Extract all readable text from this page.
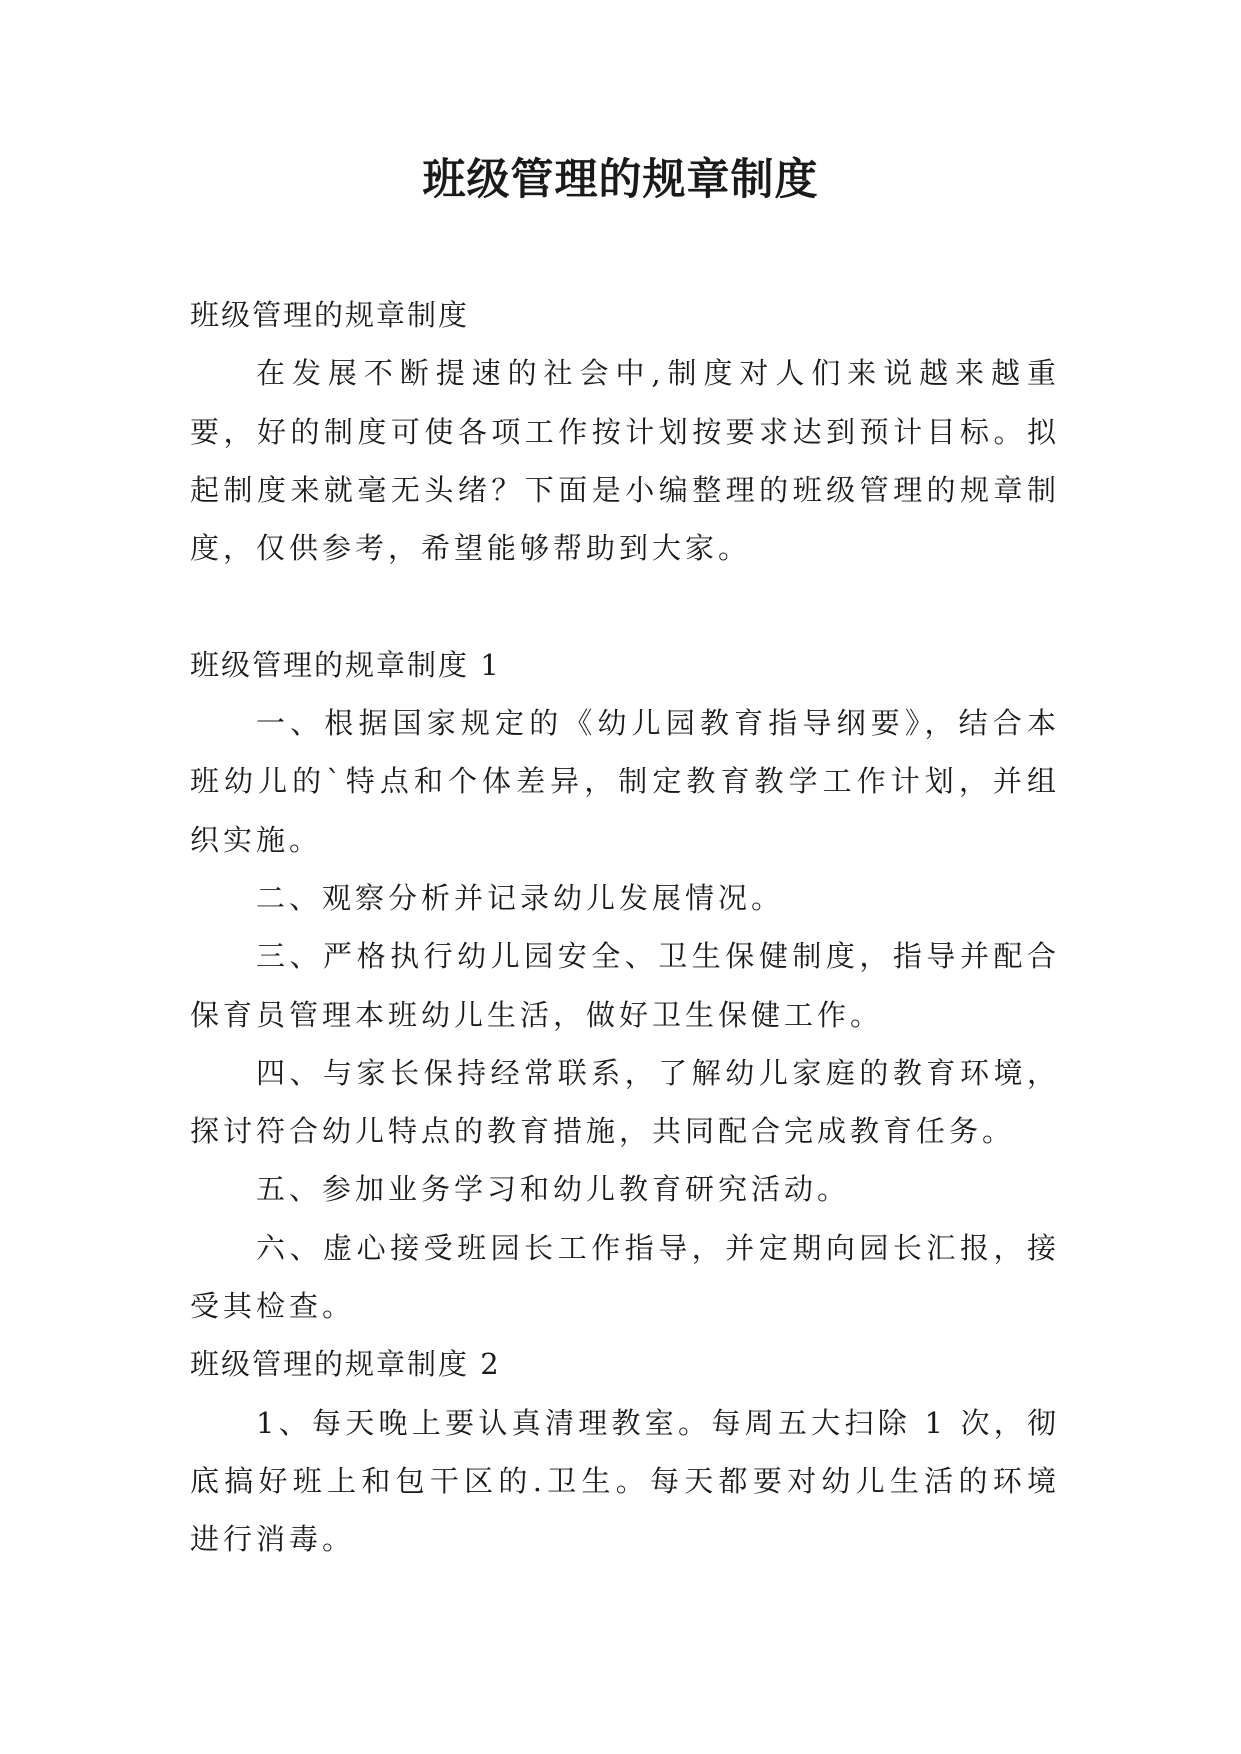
班级管理的规章制度

班级管理的规章制度

在发展不断提速的社会中,制度对人们来说越来越重要，好的制度可使各项工作按计划按要求达到预计目标。拟起制度来就毫无头绪？下面是小编整理的班级管理的规章制度，仅供参考，希望能够帮助到大家。

班级管理的规章制度 1

一、根据国家规定的《幼儿园教育指导纲要》，结合本班幼儿的`特点和个体差异，制定教育教学工作计划，并组织实施。

二、观察分析并记录幼儿发展情况。

三、严格执行幼儿园安全、卫生保健制度，指导并配合保育员管理本班幼儿生活，做好卫生保健工作。

四、与家长保持经常联系，了解幼儿家庭的教育环境，探讨符合幼儿特点的教育措施，共同配合完成教育任务。

五、参加业务学习和幼儿教育研究活动。

六、虚心接受班园长工作指导，并定期向园长汇报，接受其检查。

班级管理的规章制度 2

1、每天晚上要认真清理教室。每周五大扫除 1 次，彻底搞好班上和包干区的.卫生。每天都要对幼儿生活的环境进行消毒。
